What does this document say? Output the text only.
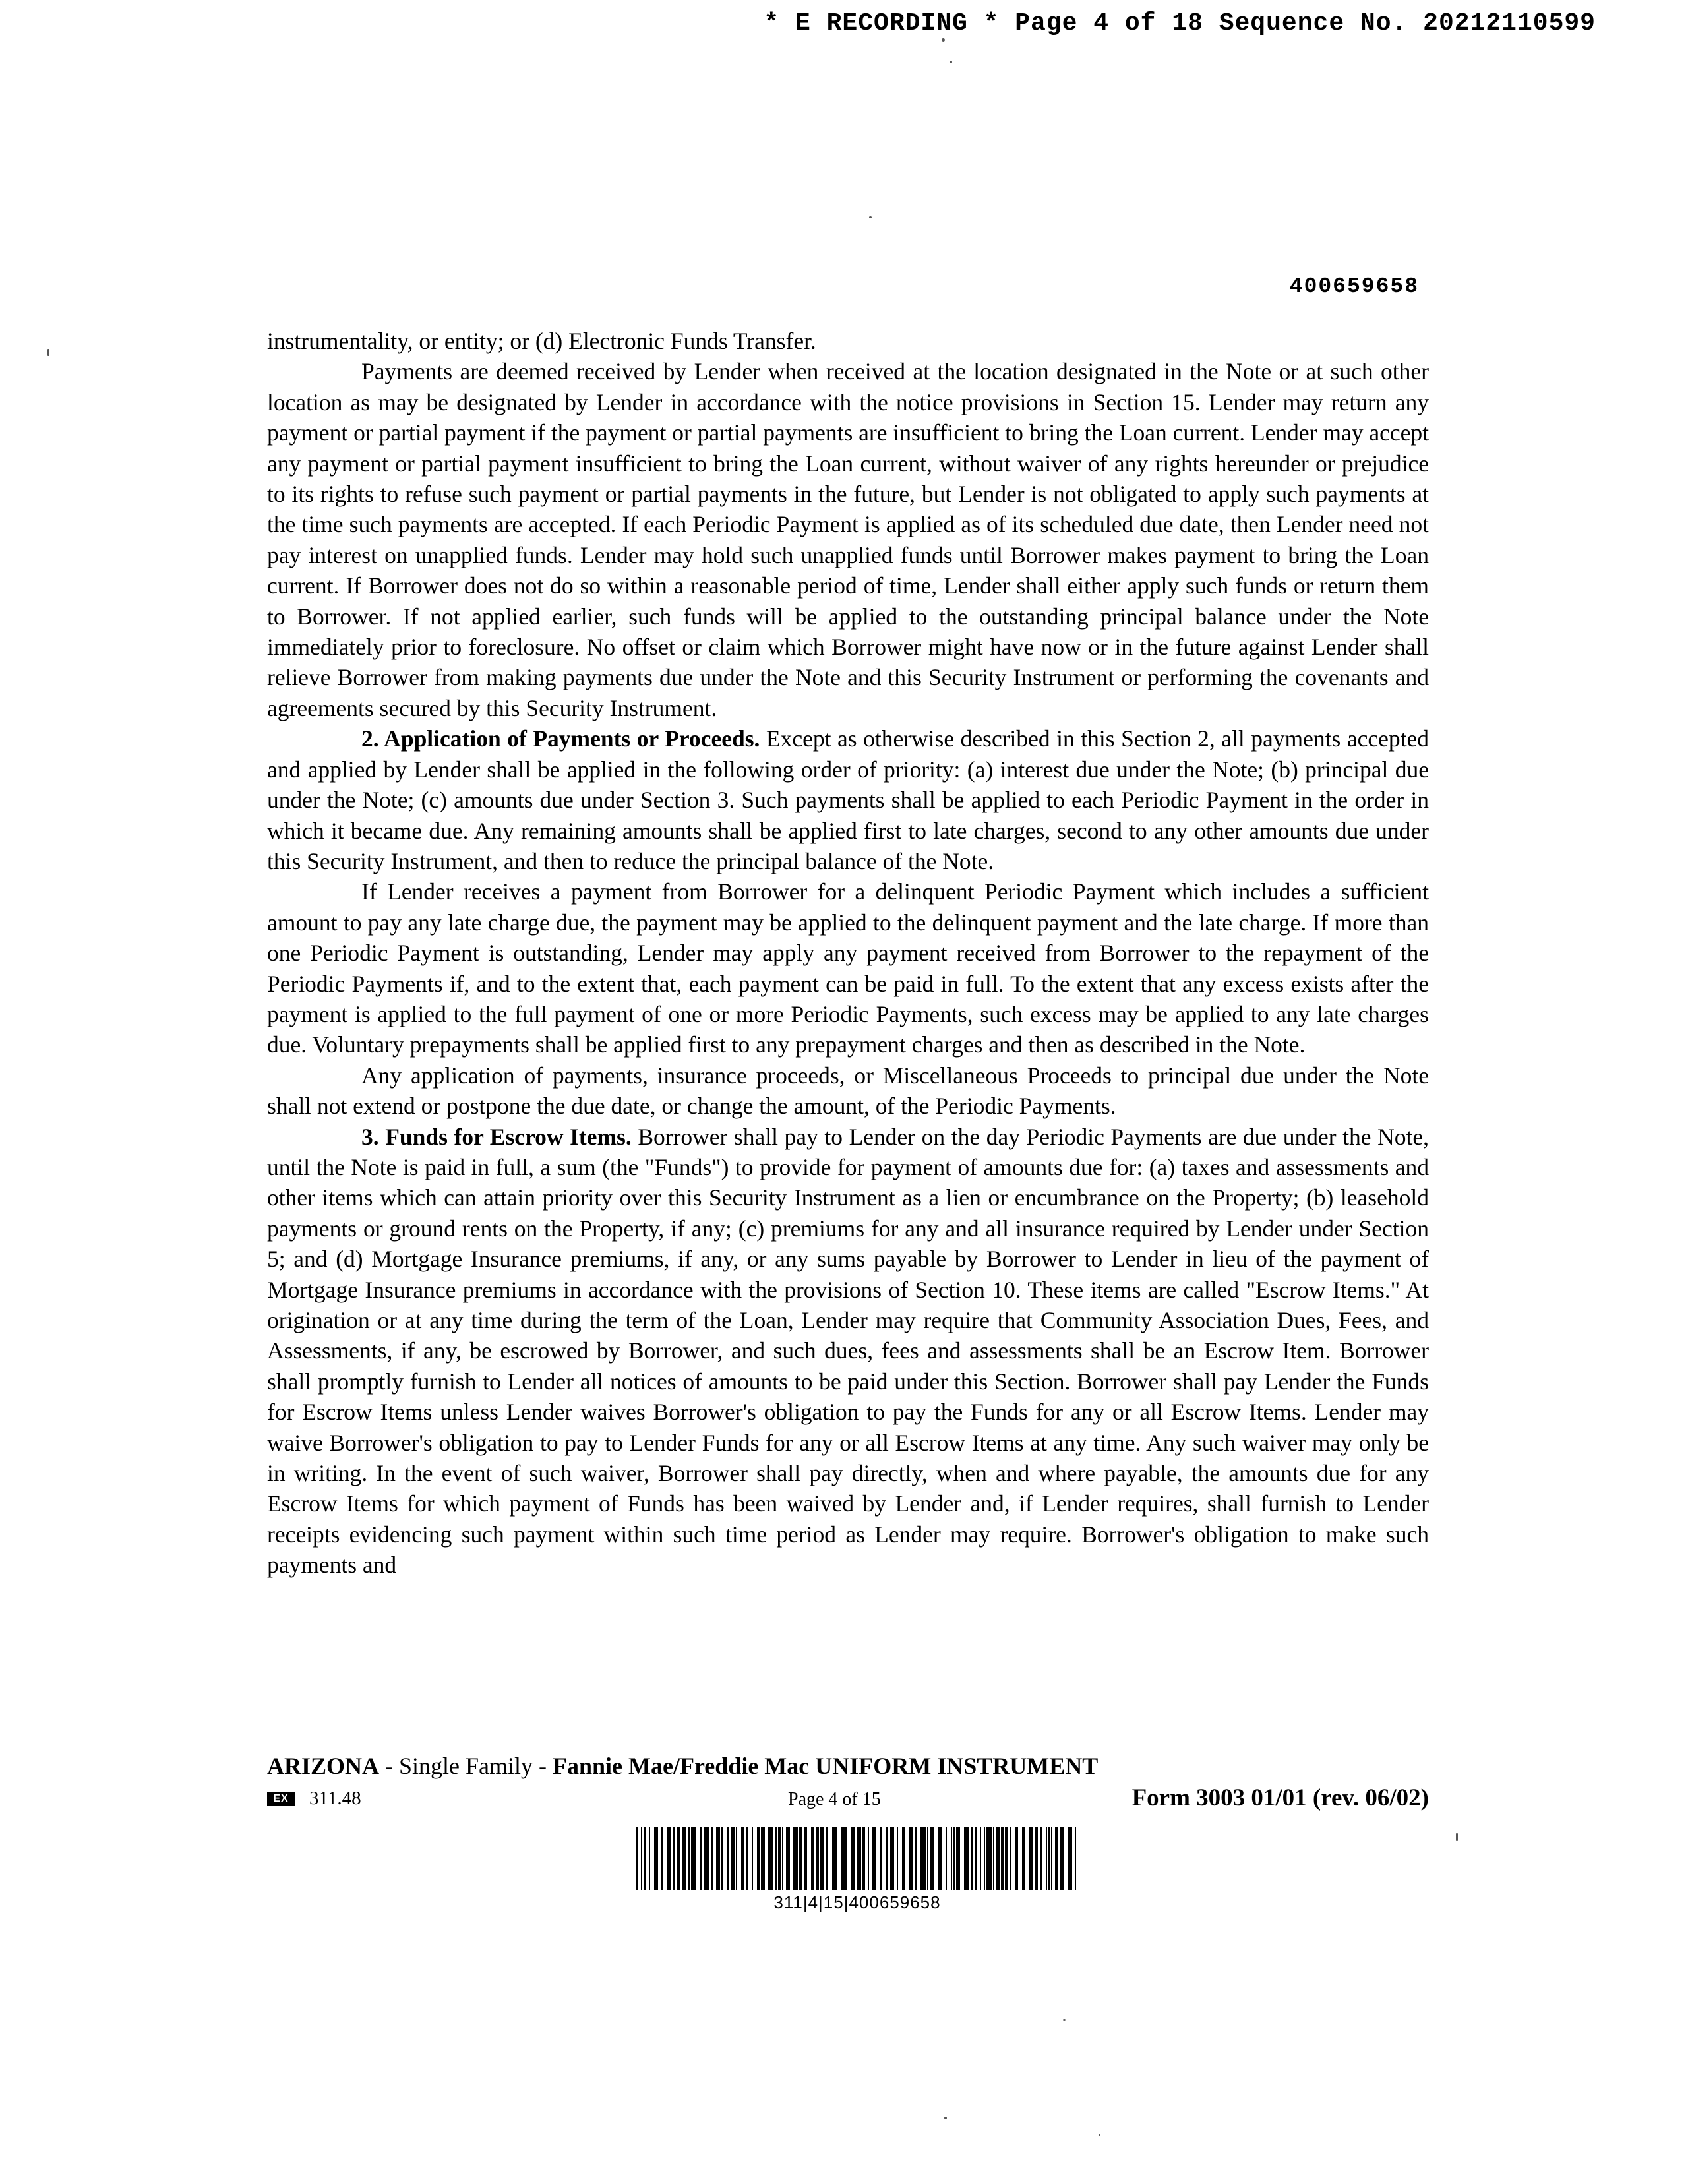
* E RECORDING * Page 4 of 18 Sequence No. 20212110599
400659658

instrumentality, or entity; or (d) Electronic Funds Transfer.

Payments are deemed received by Lender when received at the location designated in the Note or at such other location as may be designated by Lender in accordance with the notice provisions in Section 15. Lender may return any payment or partial payment if the payment or partial payments are insufficient to bring the Loan current. Lender may accept any payment or partial payment insufficient to bring the Loan current, without waiver of any rights hereunder or prejudice to its rights to refuse such payment or partial payments in the future, but Lender is not obligated to apply such payments at the time such payments are accepted. If each Periodic Payment is applied as of its scheduled due date, then Lender need not pay interest on unapplied funds. Lender may hold such unapplied funds until Borrower makes payment to bring the Loan current. If Borrower does not do so within a reasonable period of time, Lender shall either apply such funds or return them to Borrower. If not applied earlier, such funds will be applied to the outstanding principal balance under the Note immediately prior to foreclosure. No offset or claim which Borrower might have now or in the future against Lender shall relieve Borrower from making payments due under the Note and this Security Instrument or performing the covenants and agreements secured by this Security Instrument.

2. Application of Payments or Proceeds. Except as otherwise described in this Section 2, all payments accepted and applied by Lender shall be applied in the following order of priority: (a) interest due under the Note; (b) principal due under the Note; (c) amounts due under Section 3. Such payments shall be applied to each Periodic Payment in the order in which it became due. Any remaining amounts shall be applied first to late charges, second to any other amounts due under this Security Instrument, and then to reduce the principal balance of the Note.

If Lender receives a payment from Borrower for a delinquent Periodic Payment which includes a sufficient amount to pay any late charge due, the payment may be applied to the delinquent payment and the late charge. If more than one Periodic Payment is outstanding, Lender may apply any payment received from Borrower to the repayment of the Periodic Payments if, and to the extent that, each payment can be paid in full. To the extent that any excess exists after the payment is applied to the full payment of one or more Periodic Payments, such excess may be applied to any late charges due. Voluntary prepayments shall be applied first to any prepayment charges and then as described in the Note.

Any application of payments, insurance proceeds, or Miscellaneous Proceeds to principal due under the Note shall not extend or postpone the due date, or change the amount, of the Periodic Payments.

3. Funds for Escrow Items. Borrower shall pay to Lender on the day Periodic Payments are due under the Note, until the Note is paid in full, a sum (the "Funds") to provide for payment of amounts due for: (a) taxes and assessments and other items which can attain priority over this Security Instrument as a lien or encumbrance on the Property; (b) leasehold payments or ground rents on the Property, if any; (c) premiums for any and all insurance required by Lender under Section 5; and (d) Mortgage Insurance premiums, if any, or any sums payable by Borrower to Lender in lieu of the payment of Mortgage Insurance premiums in accordance with the provisions of Section 10. These items are called "Escrow Items." At origination or at any time during the term of the Loan, Lender may require that Community Association Dues, Fees, and Assessments, if any, be escrowed by Borrower, and such dues, fees and assessments shall be an Escrow Item. Borrower shall promptly furnish to Lender all notices of amounts to be paid under this Section. Borrower shall pay Lender the Funds for Escrow Items unless Lender waives Borrower's obligation to pay the Funds for any or all Escrow Items. Lender may waive Borrower's obligation to pay to Lender Funds for any or all Escrow Items at any time. Any such waiver may only be in writing. In the event of such waiver, Borrower shall pay directly, when and where payable, the amounts due for any Escrow Items for which payment of Funds has been waived by Lender and, if Lender requires, shall furnish to Lender receipts evidencing such payment within such time period as Lender may require. Borrower's obligation to make such payments and

ARIZONA - Single Family - Fannie Mae/Freddie Mac UNIFORM INSTRUMENT
EX	311.48	Page 4 of 15	Form 3003 01/01 (rev. 06/02)
311|4|15|400659658
